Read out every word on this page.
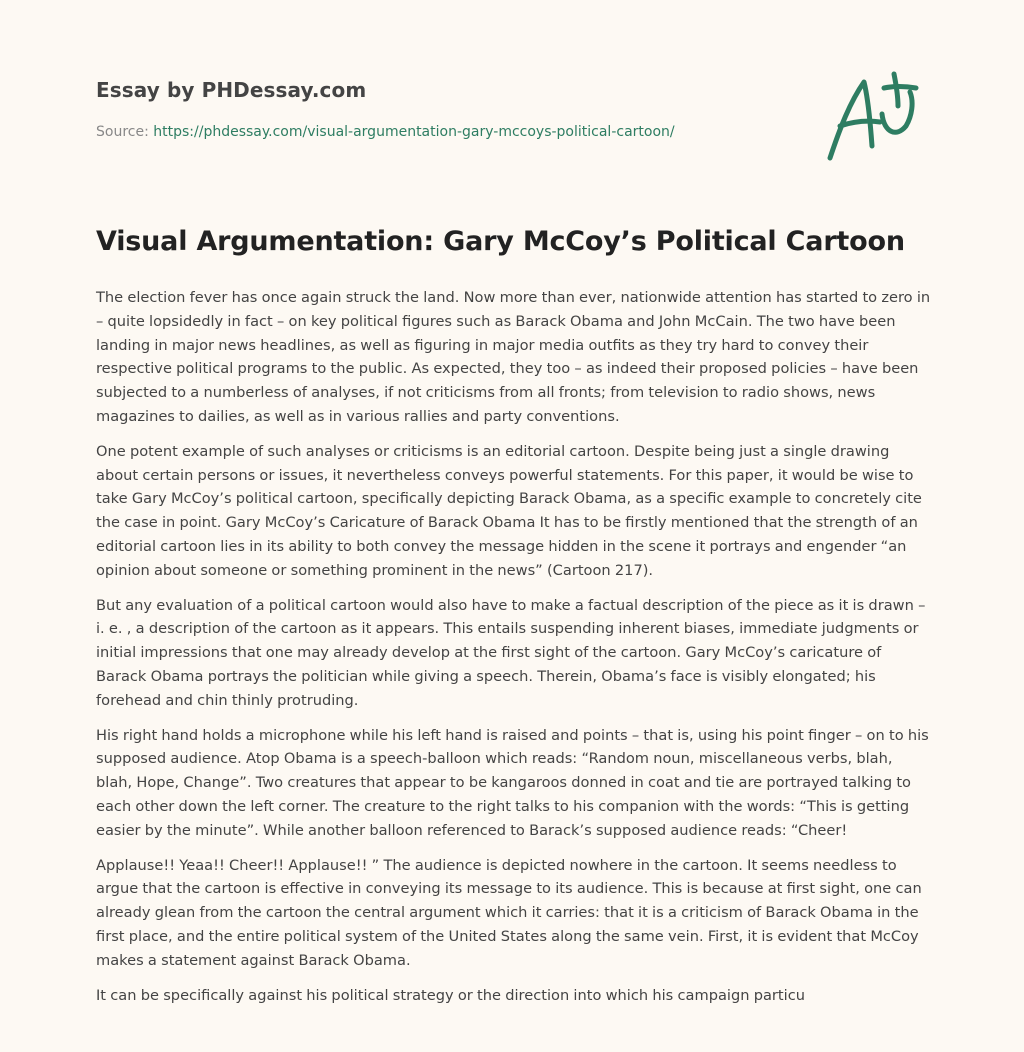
Essay by PHDessay.com
Source: https://phdessay.com/visual-argumentation-gary-mccoys-political-cartoon/
Visual Argumentation: Gary McCoy’s Political Cartoon

The election fever has once again struck the land. Now more than ever, nationwide attention has started to zero in – quite lopsidedly in fact – on key political figures such as Barack Obama and John McCain. The two have been landing in major news headlines, as well as figuring in major media outfits as they try hard to convey their respective political programs to the public. As expected, they too – as indeed their proposed policies – have been subjected to a numberless of analyses, if not criticisms from all fronts; from television to radio shows, news magazines to dailies, as well as in various rallies and party conventions.

One potent example of such analyses or criticisms is an editorial cartoon. Despite being just a single drawing about certain persons or issues, it nevertheless conveys powerful statements. For this paper, it would be wise to take Gary McCoy’s political cartoon, specifically depicting Barack Obama, as a specific example to concretely cite the case in point. Gary McCoy’s Caricature of Barack Obama It has to be firstly mentioned that the strength of an editorial cartoon lies in its ability to both convey the message hidden in the scene it portrays and engender “an opinion about someone or something prominent in the news” (Cartoon 217).

But any evaluation of a political cartoon would also have to make a factual description of the piece as it is drawn – i. e. , a description of the cartoon as it appears. This entails suspending inherent biases, immediate judgments or initial impressions that one may already develop at the first sight of the cartoon. Gary McCoy’s caricature of Barack Obama portrays the politician while giving a speech. Therein, Obama’s face is visibly elongated; his forehead and chin thinly protruding.

His right hand holds a microphone while his left hand is raised and points – that is, using his point finger – on to his supposed audience. Atop Obama is a speech-balloon which reads: “Random noun, miscellaneous verbs, blah, blah, Hope, Change”. Two creatures that appear to be kangaroos donned in coat and tie are portrayed talking to each other down the left corner. The creature to the right talks to his companion with the words: “This is getting easier by the minute”. While another balloon referenced to Barack’s supposed audience reads: “Cheer!

Applause!! Yeaa!! Cheer!! Applause!! ” The audience is depicted nowhere in the cartoon. It seems needless to argue that the cartoon is effective in conveying its message to its audience. This is because at first sight, one can already glean from the cartoon the central argument which it carries: that it is a criticism of Barack Obama in the first place, and the entire political system of the United States along the same vein. First, it is evident that McCoy makes a statement against Barack Obama.

It can be specifically against his political strategy or the direction into which his campaign particu
